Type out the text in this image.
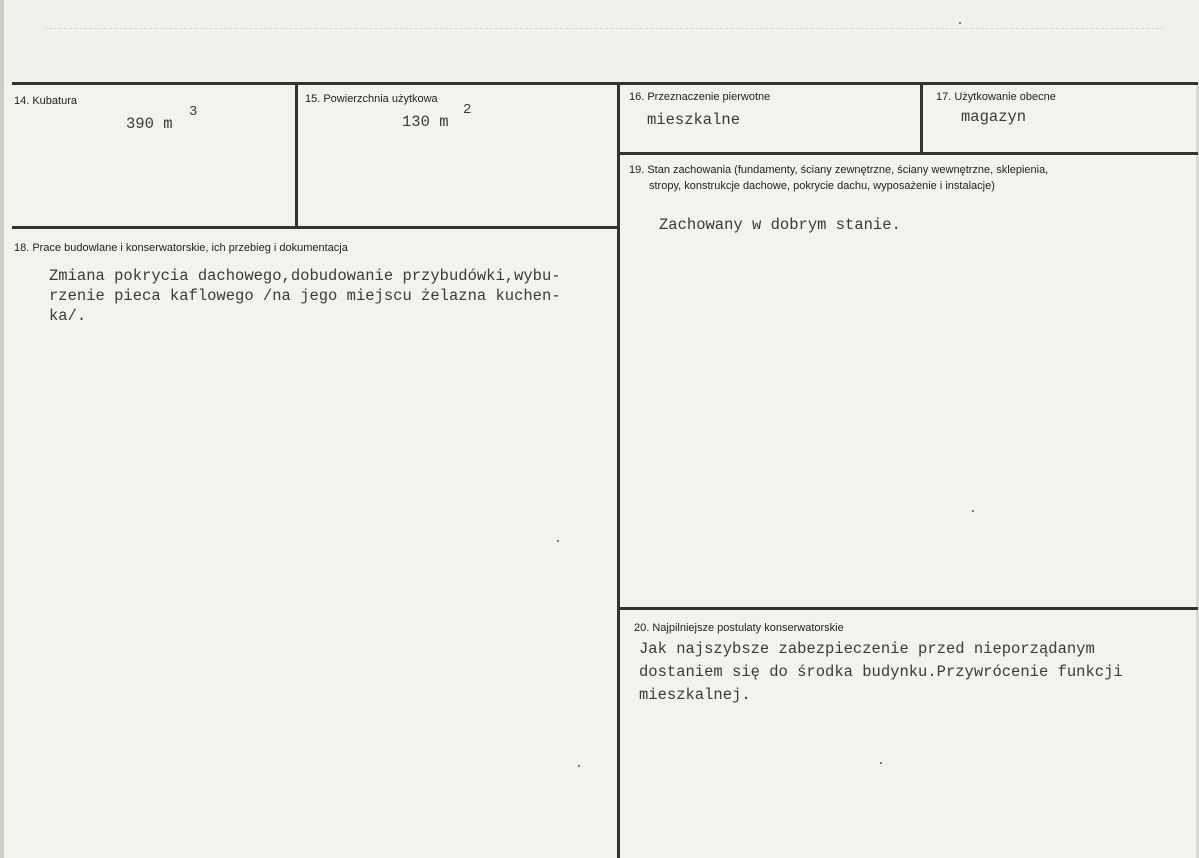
14. Kubatura
390 m
3
15. Powierzchnia użytkowa
130 m
2
16. Przeznaczenie pierwotne
mieszkalne
17. Użytkowanie obecne
magazyn
19. Stan zachowania (fundamenty, ściany zewnętrzne, ściany wewnętrzne, sklepienia,
stropy, konstrukcje dachowe, pokrycie dachu, wyposażenie i instalacje)
Zachowany w dobrym stanie.
18. Prace budowlane i konserwatorskie, ich przebieg i dokumentacja
Zmiana pokrycia dachowego,dobudowanie przybudówki,wybu-
rzenie pieca kaflowego /na jego miejscu żelazna kuchen-
ka/.
20. Najpilniejsze postulaty konserwatorskie
Jak najszybsze zabezpieczenie przed nieporządanym
dostaniem się do środka budynku.Przywrócenie funkcji
mieszkalnej.
